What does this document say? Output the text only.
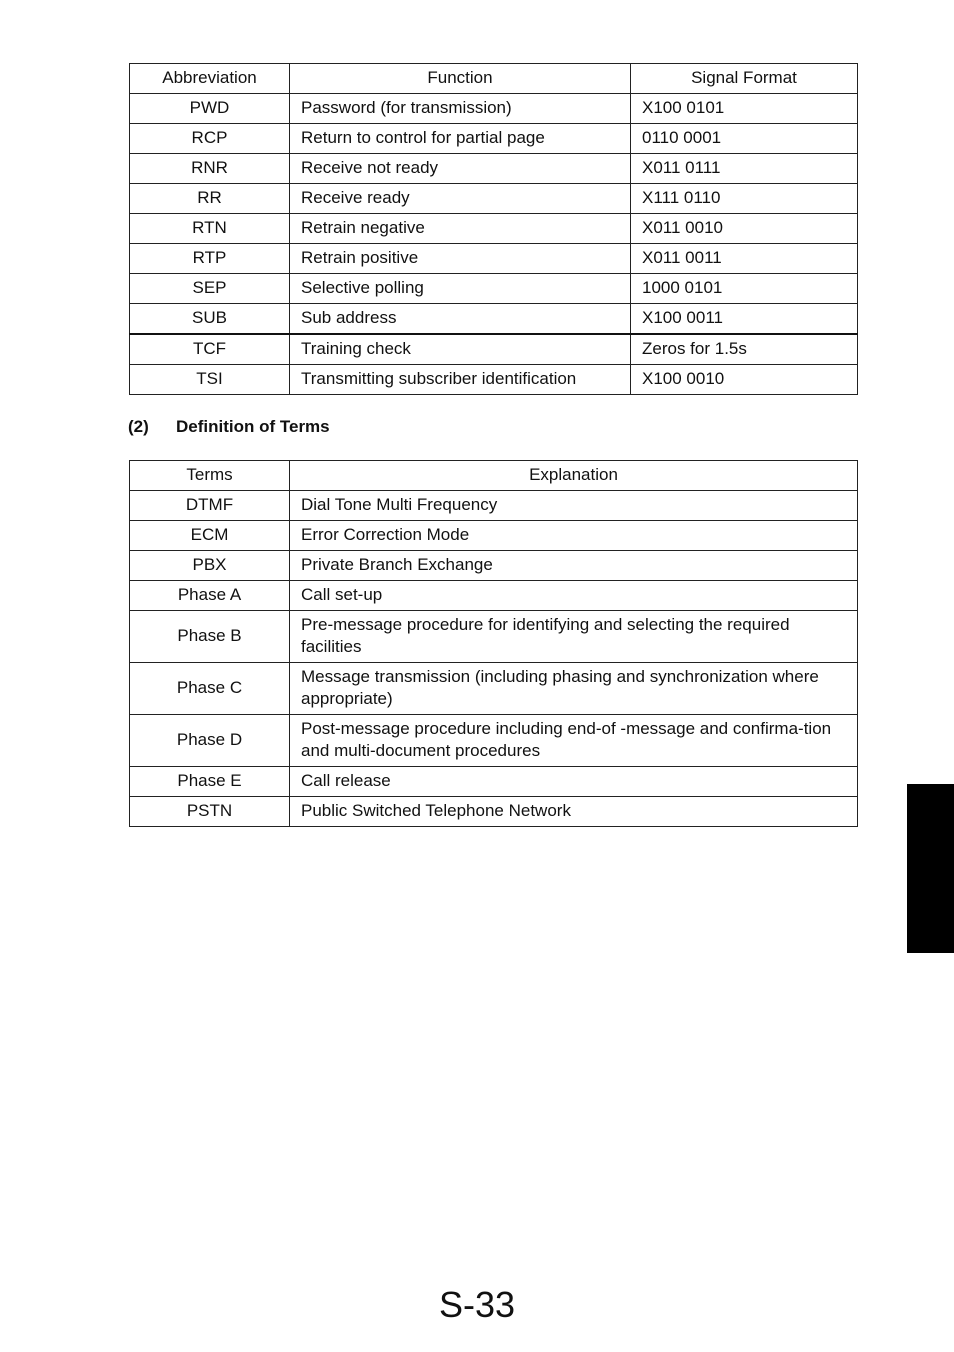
Abbreviation	Function	Signal Format
PWD	Password (for transmission)	X100 0101
RCP	Return to control for partial page	0110 0001
RNR	Receive not ready	X011 0111
RR	Receive ready	X111 0110
RTN	Retrain negative	X011 0010
RTP	Retrain positive	X011 0011
SEP	Selective polling	1000 0101
SUB	Sub address	X100 0011
TCF	Training check	Zeros for 1.5s
TSI	Transmitting subscriber identification	X100 0010
(2) Definition of Terms
Terms	Explanation
DTMF	Dial Tone Multi Frequency
ECM	Error Correction Mode
PBX	Private Branch Exchange
Phase A	Call set-up
Phase B	Pre-message procedure for identifying and selecting the required facilities
Phase C	Message transmission (including phasing and synchronization where appropriate)
Phase D	Post-message procedure including end-of -message and confirma-tion and multi-document procedures
Phase E	Call release
PSTN	Public Switched Telephone Network
S-33
